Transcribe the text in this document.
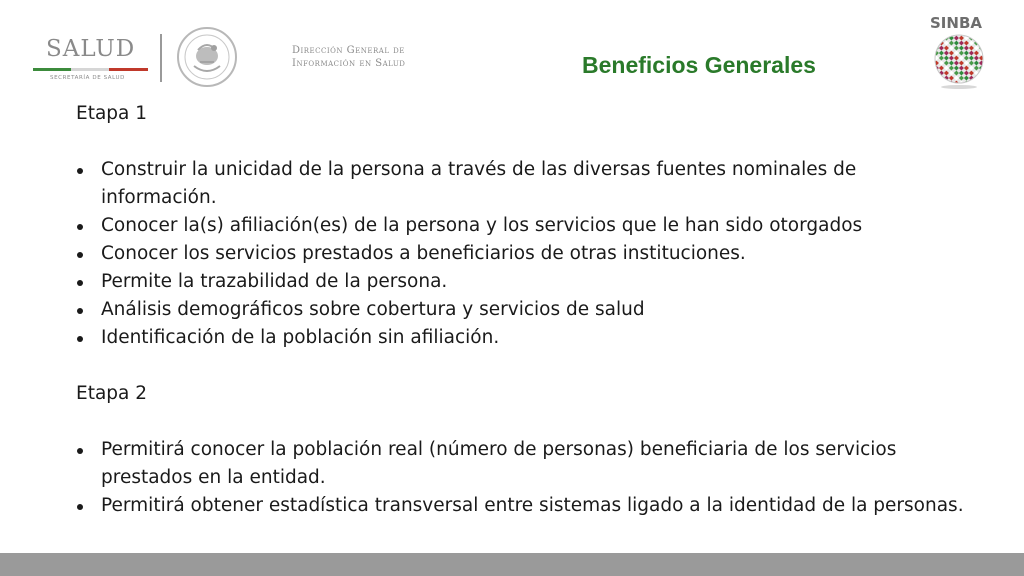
SALUD
SECRETARÍA DE SALUD
Dirección General de
Información en Salud	Beneficios Generales
SINBA
Etapa 1
Construir la unicidad de la persona a través de las diversas fuentes nominales de información.
Conocer la(s) afiliación(es) de la persona y los servicios que le han sido otorgados
Conocer los servicios prestados a beneficiarios de otras instituciones.
Permite la trazabilidad de la persona.
Análisis demográficos sobre cobertura y servicios de salud
Identificación de la población sin afiliación.
Etapa 2
Permitirá conocer la población real (número de personas) beneficiaria de los servicios prestados en la entidad.
Permitirá obtener estadística transversal entre sistemas ligado a la identidad de la personas.
